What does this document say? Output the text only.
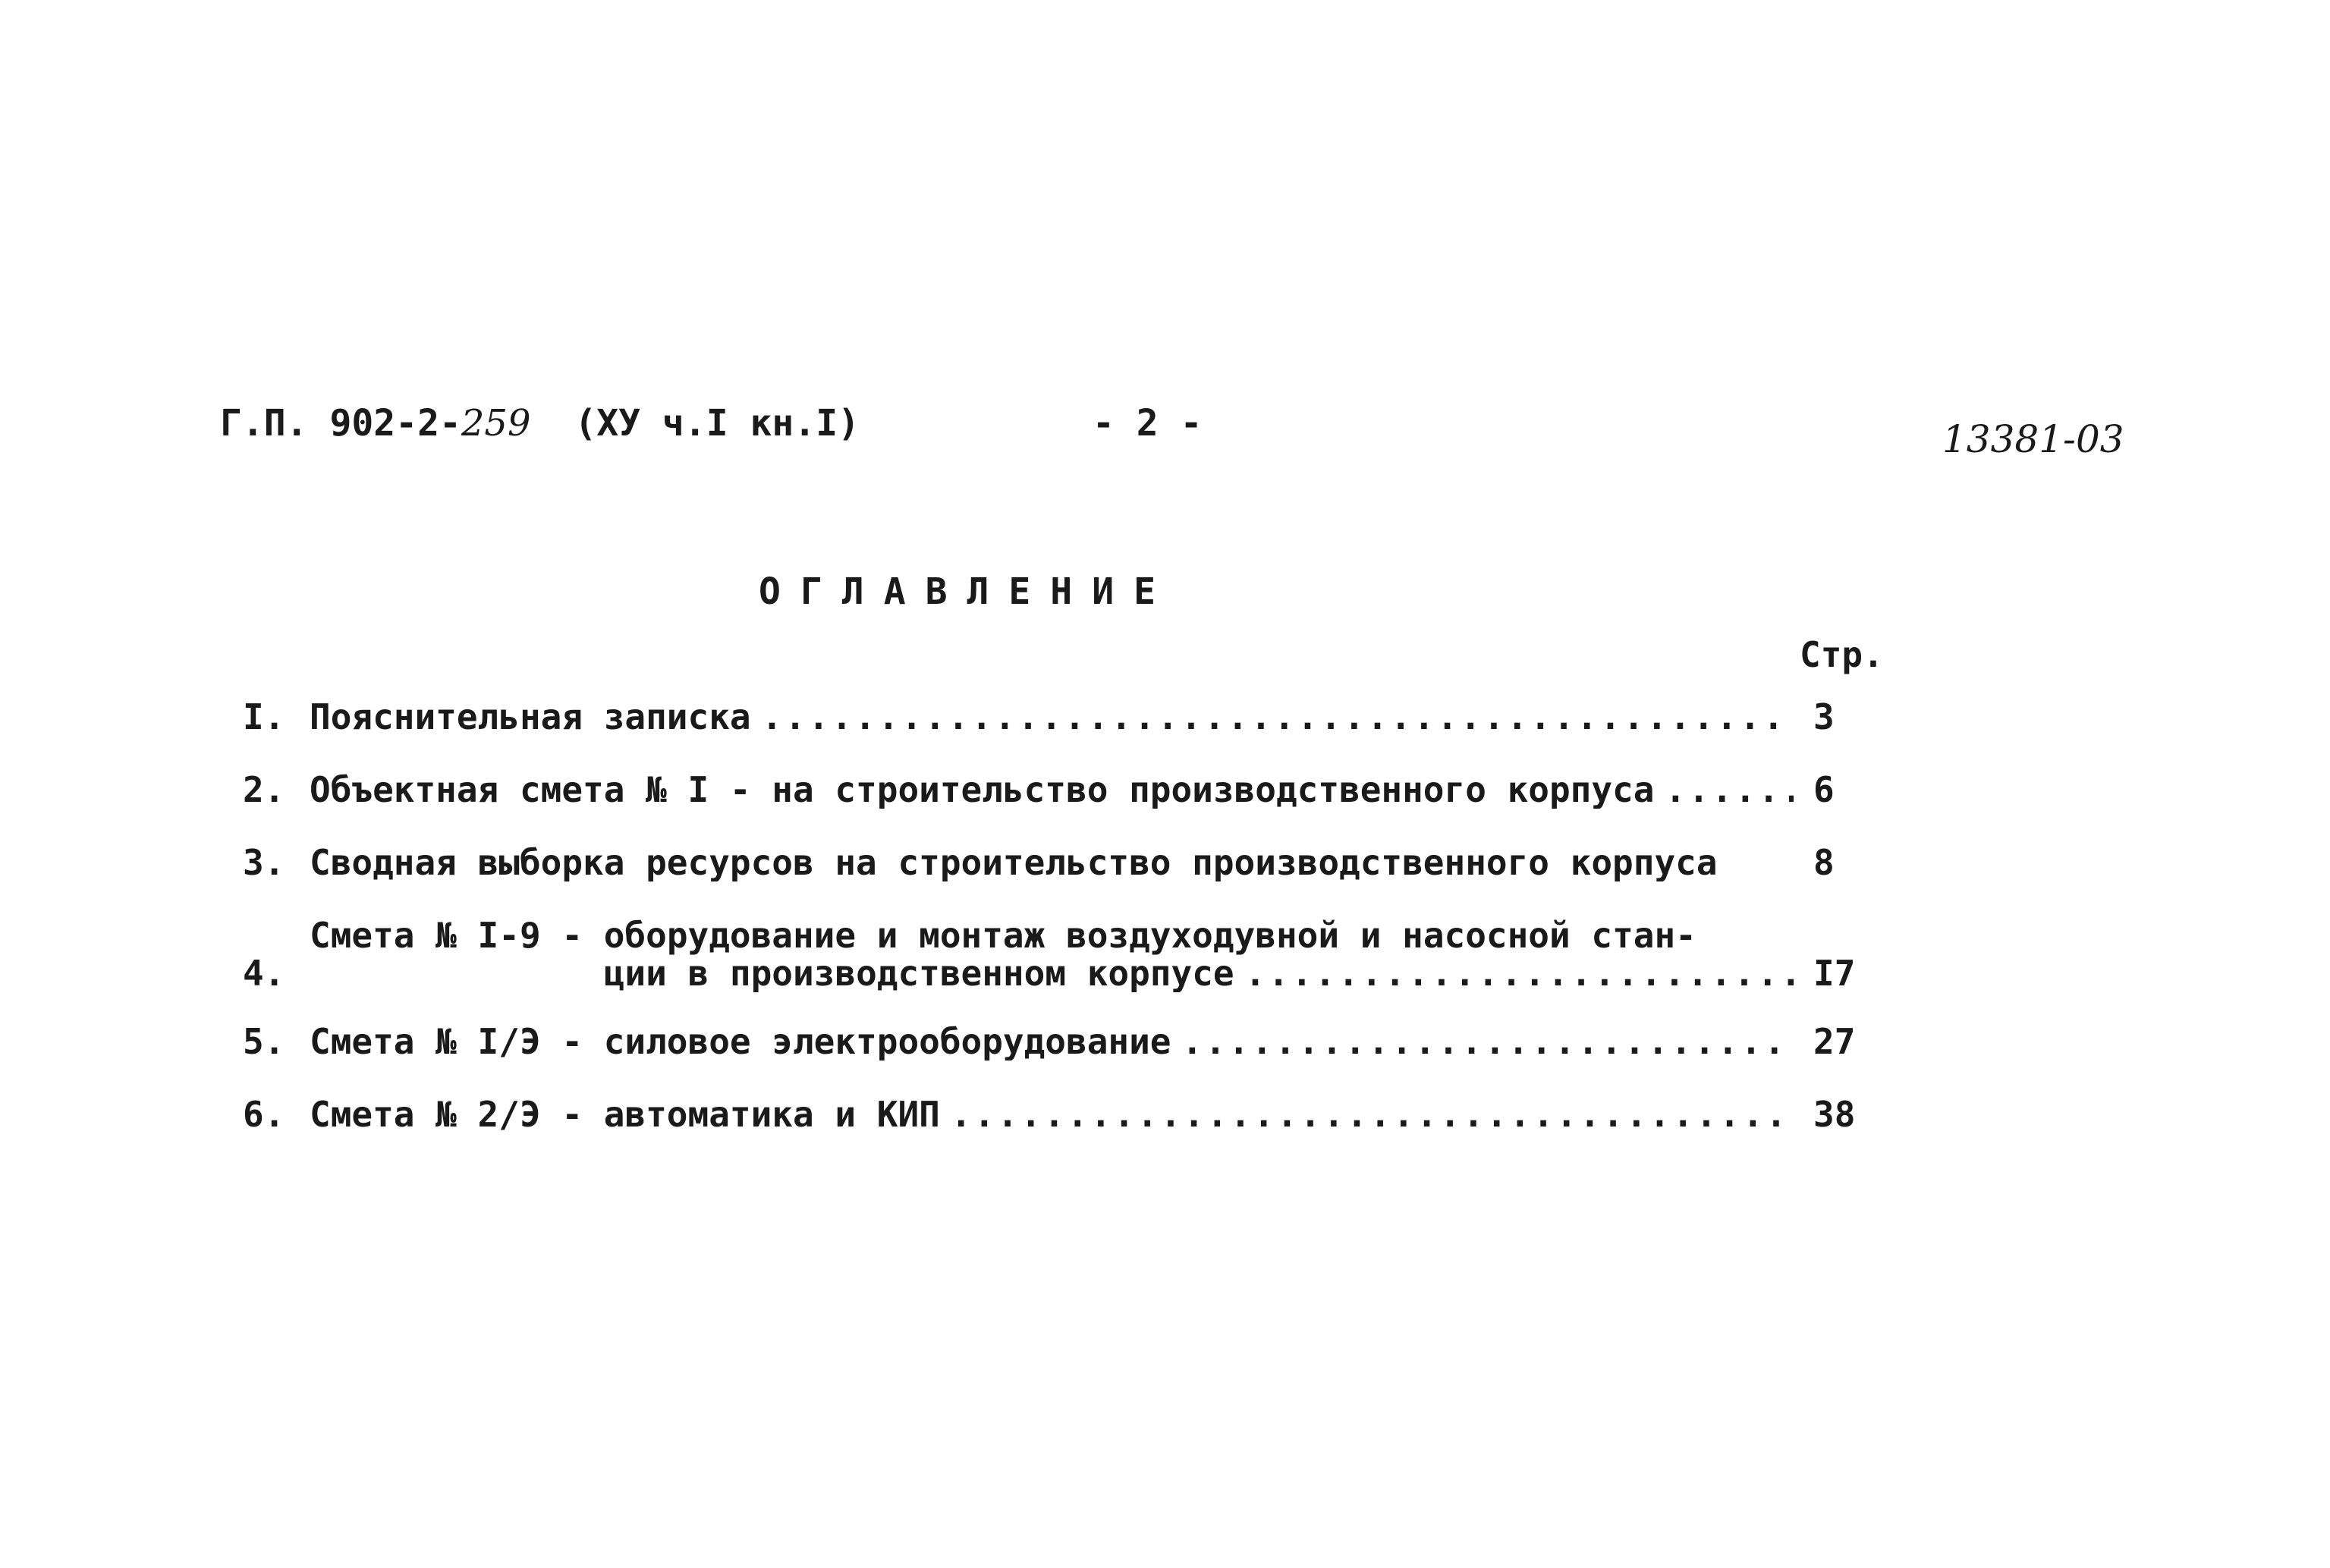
Г.П. 902-2-259 (ХУ ч.I кн.I)	- 2 -	13381-03
ОГЛАВЛЕНИЕ
Стр.
I. Пояснительная записка .....	3
2. Объектная смета № I - на строительство производственного корпуса .....	6
3. Сводная выборка ресурсов на строительство производственного корпуса	8
4.
Смета № I-9 - оборудование и монтаж воздуходувной и насосной стан-
ции в производственном корпусе .....	I7
5. Смета № I/Э - силовое электрооборудование .....	27
6. Смета № 2/Э - автоматика и КИП .....	38
